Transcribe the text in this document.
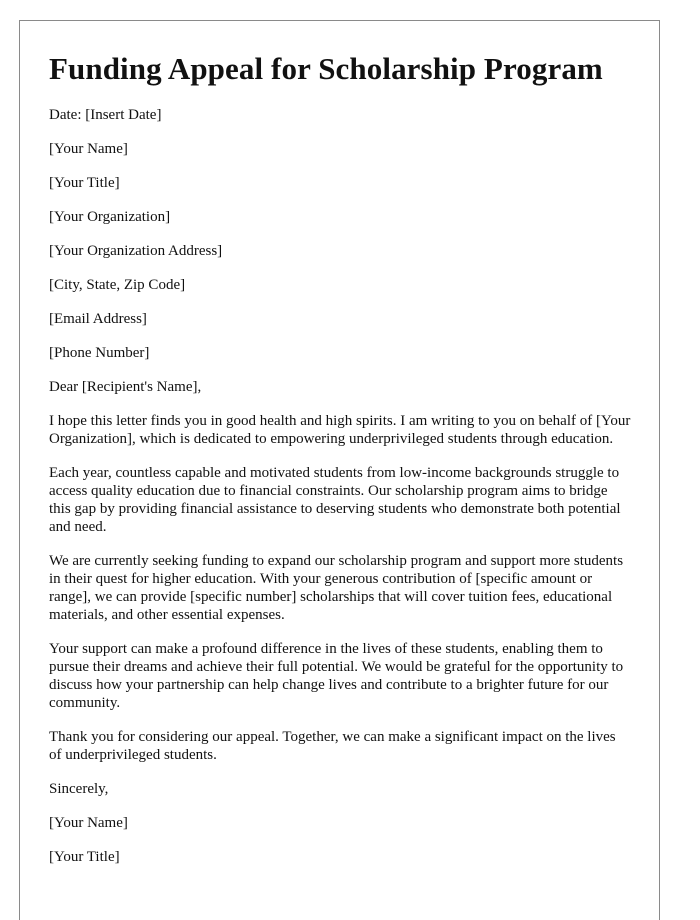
Funding Appeal for Scholarship Program
Date: [Insert Date]
[Your Name]
[Your Title]
[Your Organization]
[Your Organization Address]
[City, State, Zip Code]
[Email Address]
[Phone Number]
Dear [Recipient's Name],

I hope this letter finds you in good health and high spirits. I am writing to you on behalf of [Your Organization], which is dedicated to empowering underprivileged students through education.

Each year, countless capable and motivated students from low-income backgrounds struggle to access quality education due to financial constraints. Our scholarship program aims to bridge this gap by providing financial assistance to deserving students who demonstrate both potential and need.

We are currently seeking funding to expand our scholarship program and support more students in their quest for higher education. With your generous contribution of [specific amount or range], we can provide [specific number] scholarships that will cover tuition fees, educational materials, and other essential expenses.

Your support can make a profound difference in the lives of these students, enabling them to pursue their dreams and achieve their full potential. We would be grateful for the opportunity to discuss how your partnership can help change lives and contribute to a brighter future for our community.

Thank you for considering our appeal. Together, we can make a significant impact on the lives of underprivileged students.

Sincerely,
[Your Name]
[Your Title]
